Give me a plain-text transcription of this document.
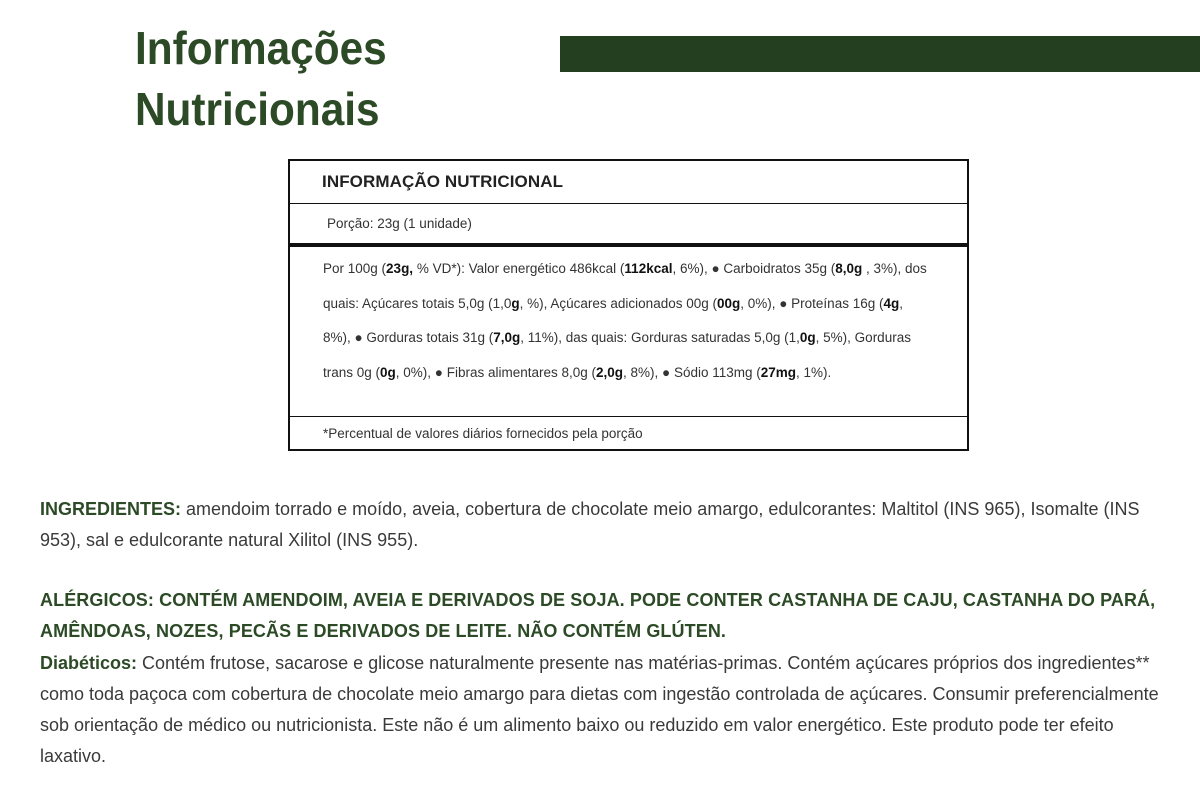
Informações
Nutricionais
INFORMAÇÃO NUTRICIONAL
Porção: 23g (1 unidade)
Por 100g (23g, % VD*): Valor energético 486kcal (112kcal, 6%), ● Carboidratos 35g (8,0g , 3%), dos quais: Açúcares totais 5,0g (1,0g, %), Açúcares adicionados 00g (00g, 0%), ● Proteínas 16g (4g, 8%), ● Gorduras totais 31g (7,0g, 11%), das quais: Gorduras saturadas 5,0g (1,0g, 5%), Gorduras trans 0g (0g, 0%), ● Fibras alimentares 8,0g (2,0g, 8%), ● Sódio 113mg (27mg, 1%).
*Percentual de valores diários fornecidos pela porção

INGREDIENTES: amendoim torrado e moído, aveia, cobertura de chocolate meio amargo, edulcorantes: Maltitol (INS 965), Isomalte (INS 953), sal e edulcorante natural Xilitol (INS 955).

ALÉRGICOS: CONTÉM AMENDOIM, AVEIA E DERIVADOS DE SOJA. PODE CONTER CASTANHA DE CAJU, CASTANHA DO PARÁ, AMÊNDOAS, NOZES, PECÃS E DERIVADOS DE LEITE. NÃO CONTÉM GLÚTEN.

Diabéticos: Contém frutose, sacarose e glicose naturalmente presente nas matérias-primas. Contém açúcares próprios dos ingredientes** como toda paçoca com cobertura de chocolate meio amargo para dietas com ingestão controlada de açúcares. Consumir preferencialmente sob orientação de médico ou nutricionista. Este não é um alimento baixo ou reduzido em valor energético. Este produto pode ter efeito laxativo.
